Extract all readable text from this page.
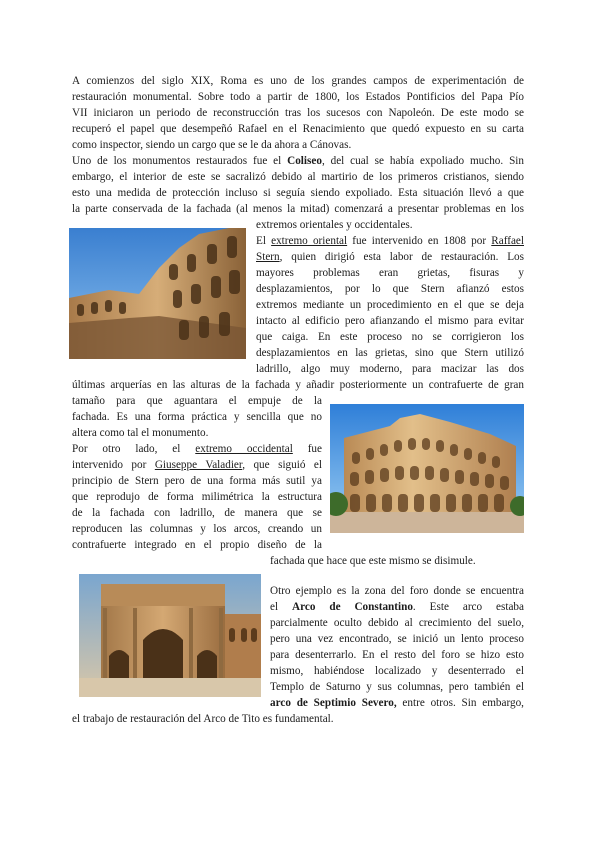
A comienzos del siglo XIX, Roma es uno de los grandes campos de experimentación de
restauración monumental. Sobre todo a partir de 1800, los Estados Pontificios del Papa Pío
VII iniciaron un periodo de reconstrucción tras los sucesos con Napoleón. De este modo se
recuperó el papel que desempeñó Rafael en el Renacimiento que quedó expuesto en su carta
como inspector, siendo un cargo que se le da ahora a Cánovas.
Uno de los monumentos restaurados fue el Coliseo, del cual se había expoliado mucho. Sin
embargo, el interior de este se sacralizó debido al martirio de los primeros cristianos, siendo
esto una medida de protección incluso si seguía siendo expoliado. Esta situación llevó a que
la parte conservada de la fachada (al menos la mitad) comenzará a presentar problemas en los
extremos orientales y occidentales.
El extremo oriental fue intervenido en 1808 por Raffael
Stern, quien dirigió esta labor de restauración. Los
mayores problemas eran grietas, fisuras y
desplazamientos, por lo que Stern afianzó estos
extremos mediante un procedimiento en el que se deja
intacto al edificio pero afianzando el mismo para evitar
que caiga. En este proceso no se corrigieron los
desplazamientos en las grietas, sino que Stern utilizó
ladrillo, algo muy moderno, para macizar las dos
últimas arquerías en las alturas de la fachada y añadir posteriormente un contrafuerte de gran
tamaño para que aguantara el empuje de la
fachada. Es una forma práctica y sencilla que no
altera como tal el monumento.
Por otro lado, el extremo occidental fue
intervenido por Giuseppe Valadier, que siguió el
principio de Stern pero de una forma más sutil ya
que reprodujo de forma milimétrica la estructura
de la fachada con ladrillo, de manera que se
reproducen las columnas y los arcos, creando un
contrafuerte integrado en el propio diseño de la
fachada que hace que este mismo se disimule.
Otro ejemplo es la zona del foro donde se encuentra
el Arco de Constantino. Este arco estaba
parcialmente oculto debido al crecimiento del suelo,
pero una vez encontrado, se inició un lento proceso
para desenterrarlo. En el resto del foro se hizo esto
mismo, habiéndose localizado y desenterrado el
Templo de Saturno y sus columnas, pero también el
arco de Septimio Severo, entre otros. Sin embargo,
el trabajo de restauración del Arco de Tito es fundamental.
